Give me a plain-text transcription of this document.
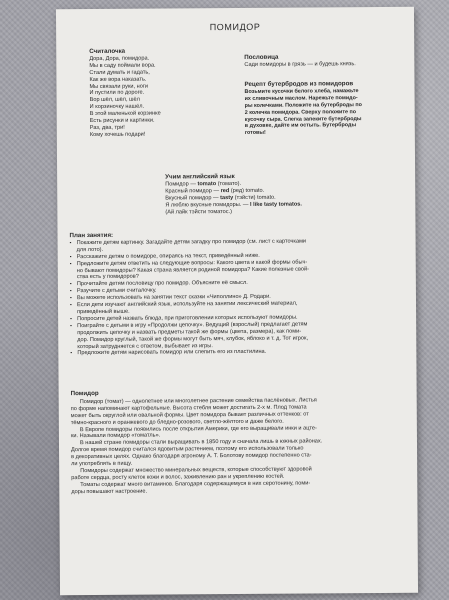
ПОМИДОР
Считалочка
Дора, Дора, помидора.
Мы в саду поймали вора.
Стали думать и гадать,
Как же вора наказать.
Мы связали руки, ноги
И пустили по дороге.
Вор шёл, шёл, шёл
И корзиночку нашёл.
В этой маленькой корзинке
Есть рисунки и картинки.
Раз, два, три!
Кому хочешь подари!
Пословица
Сади помидоры в грязь — и будешь князь.
Рецепт бутербродов из помидоров
Возьмите кусочки белого хлеба, намажьте
их сливочным маслом. Нарежьте помидо-
ры колечками. Положите на бутерброды по
2 колечка помидора. Сверху положите по
кусочку сыра. Слегка запеките бутерброды
в духовке, дайте им остыть. Бутерброды
готовы!
Учим английский язык
Помидор — tomato (томато).
Красный помидор — red (ред) tomato.
Вкусный помидор — tasty (тэйсти) tomato.
Я люблю вкусные помидоры. — I like tasty tomatos.
(Ай лайк тэйсти томатос.)
План занятия:
▪ Покажите детям картинку. Загадайте детям загадку про помидор (см. лист с карточками
для лото).
▪ Расскажите детям о помидоре, опираясь на текст, приведённый ниже.
▪ Предложите детям ответить на следующие вопросы: Какого цвета и какой формы обыч-
но бывают помидоры? Какая страна является родиной помидора? Какие полезные свой-
ства есть у помидоров?
▪ Прочитайте детям пословицу про помидор. Объясните её смысл.
▪ Разучите с детьми считалочку.
▪ Вы можете использовать на занятии текст сказки «Чиполлино» Д. Родари.
▪ Если дети изучают английский язык, используйте на занятии лексический материал,
приведённый выше.
▪ Попросите детей назвать блюда, при приготовлении которых используют помидоры.
▪ Поиграйте с детьми в игру «Продолжи цепочку». Ведущий (взрослый) предлагает детям
продолжить цепочку и назвать предметы такой же формы (цвета, размера), как поми-
дор. Помидор круглый, такой же формы могут быть мяч, клубок, яблоко и т. д. Тот игрок,
который затрудняется с ответом, выбывает из игры.
▪ Предложите детям нарисовать помидор или слепить его из пластилина.
Помидор

Помидор (томат) — однолетнее или многолетнее растение семейства паслёновых. Листья
по форме напоминают картофельные. Высота стебля может достигать 2-х м. Плод томата
может быть округлой или овальной формы. Цвет помидора бывает различных оттенков: от
тёмно-красного и оранжевого до бледно-розового, светло-жёлтого и даже белого.

В Европе помидоры появились после открытия Америки, где его выращивали инки и ацте-
ки. Называли помидор «томатль».

В нашей стране помидоры стали выращивать в 1850 году и сначала лишь в южных районах.
Долгое время помидор считался ядовитым растением, поэтому его использовали только
в декоративных целях. Однако благодаря агроному А. Т. Болотову помидор постепенно ста-
ли употреблять в пищу.

Помидоры содержат множество минеральных веществ, которые способствуют здоровой
работе сердца, росту клеток кожи и волос, заживлению ран и укреплению костей.

Томаты содержат много витаминов. Благодаря содержащемуся в них серотонину, поми-
доры повышают настроение.
